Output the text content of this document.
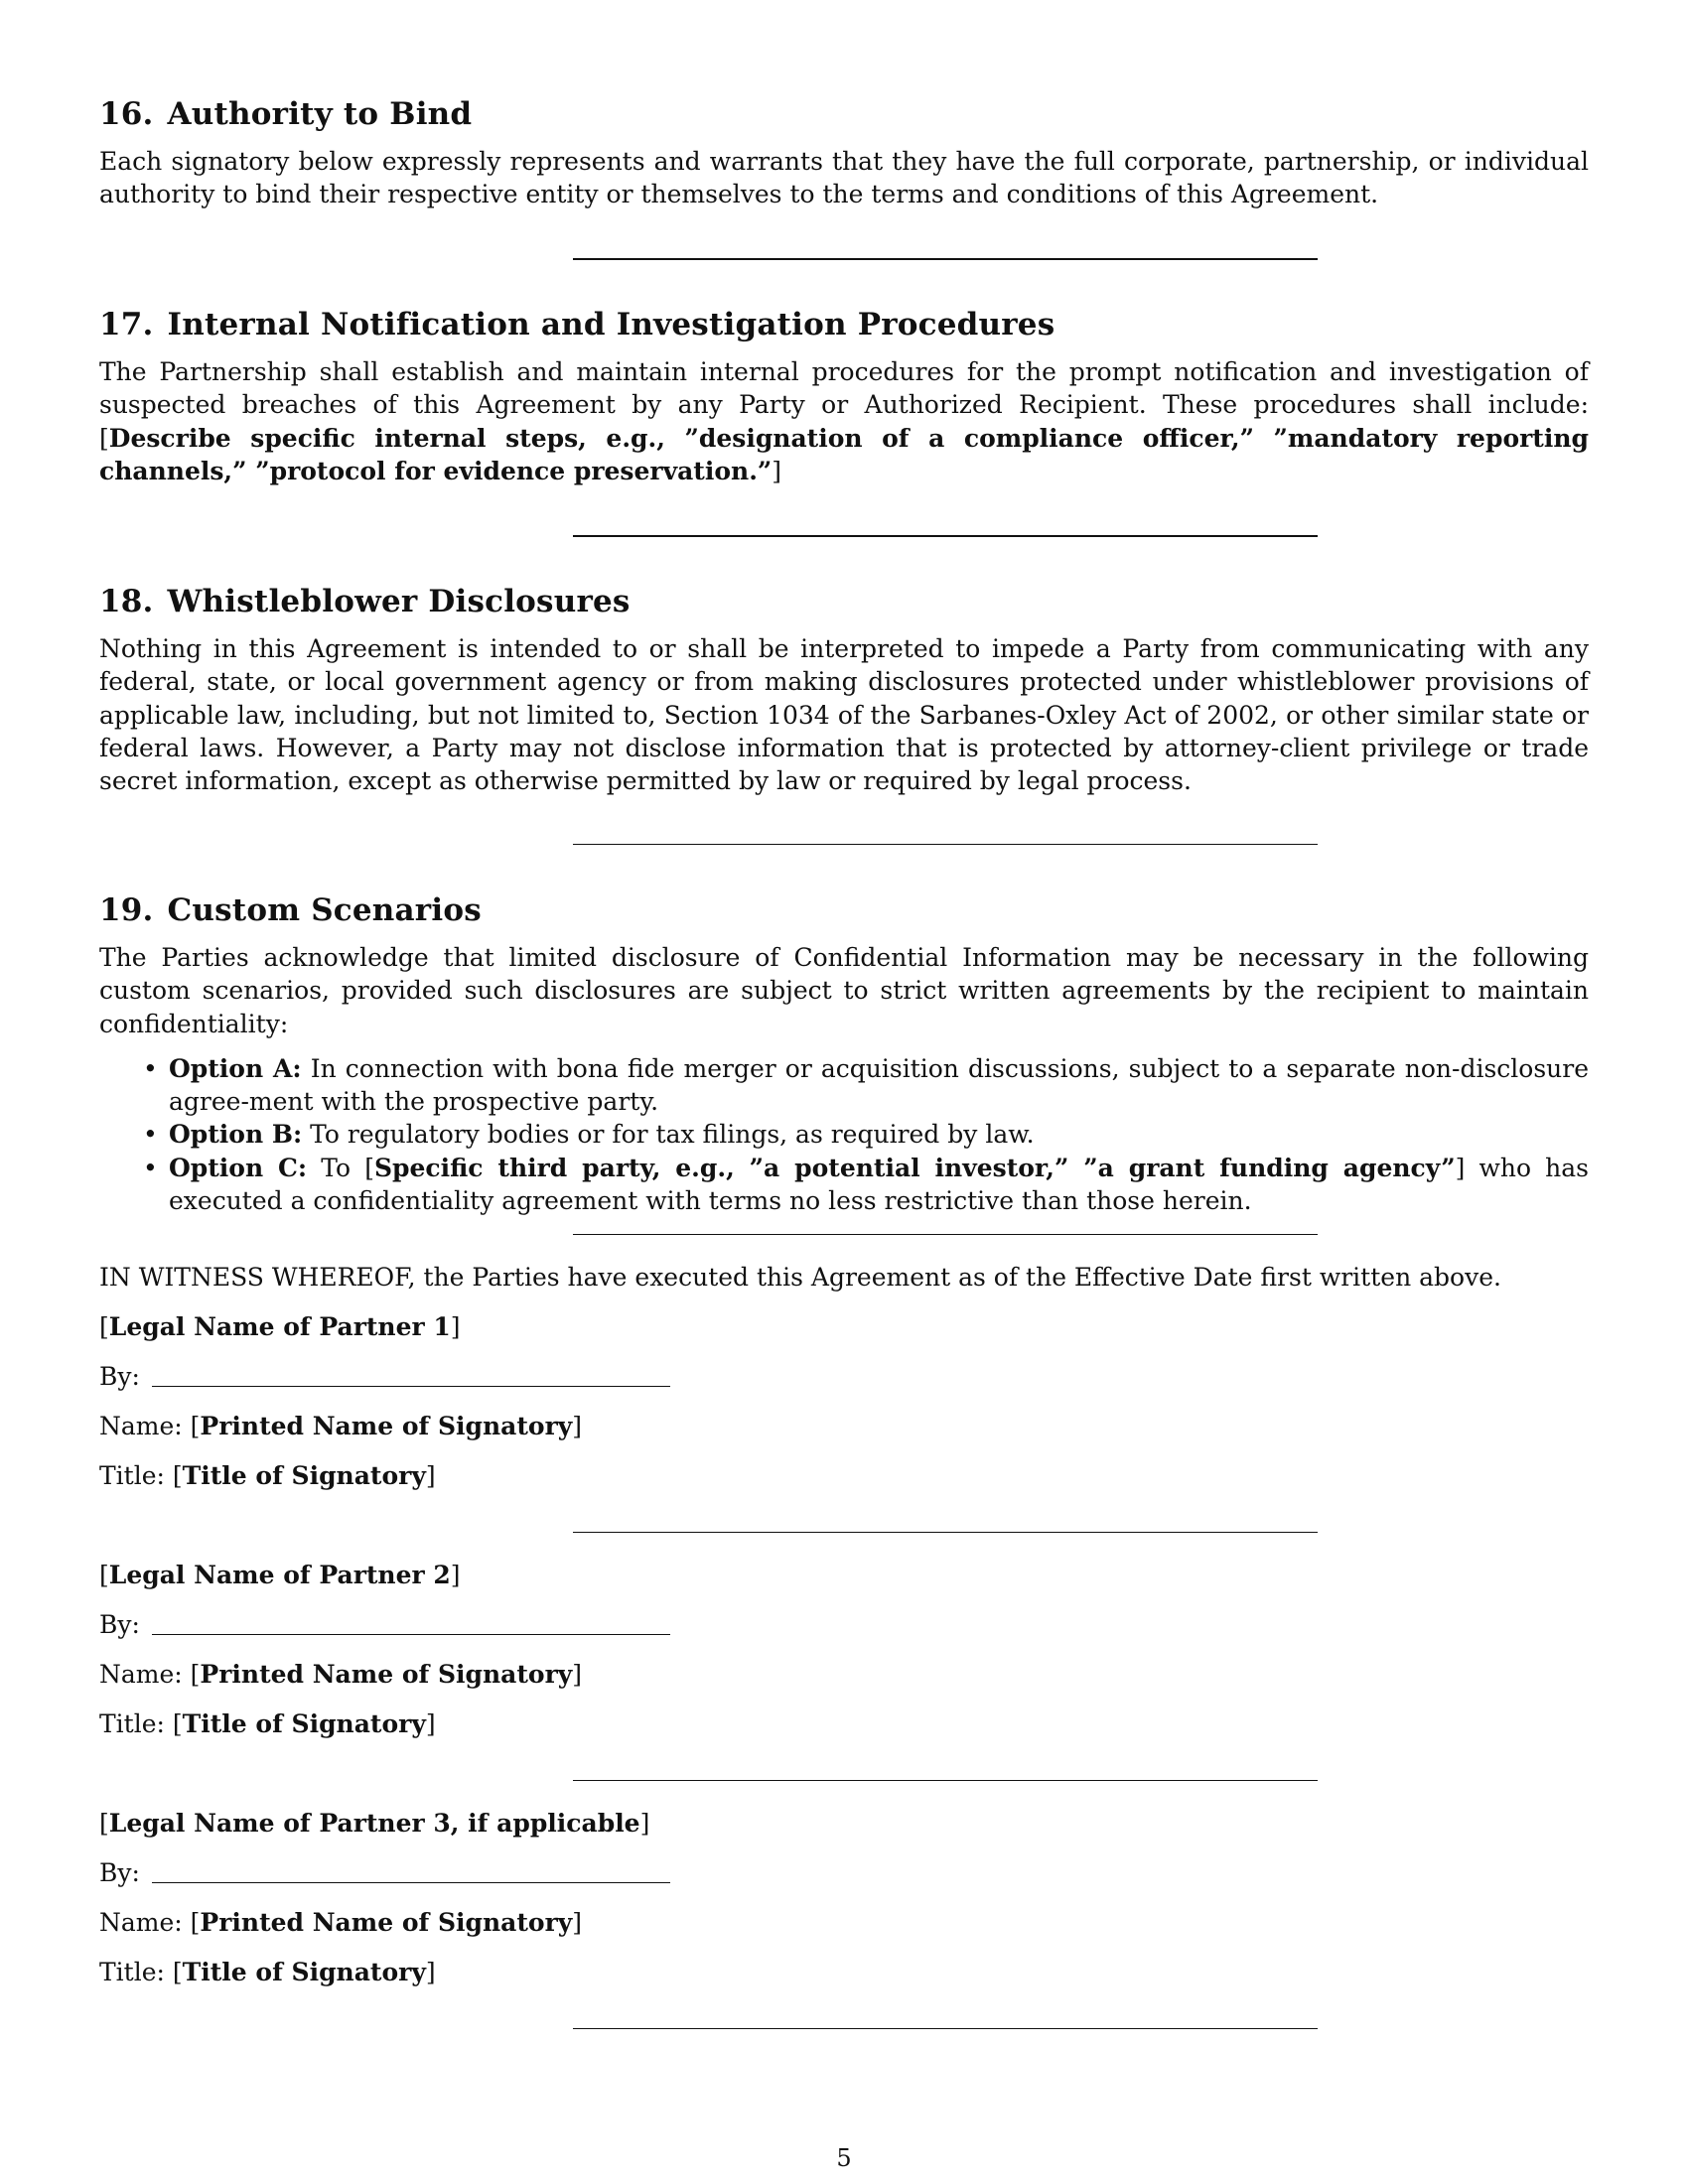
16. Authority to Bind

Each signatory below expressly represents and warrants that they have the full corporate, partnership, or individual authority to bind their respective entity or themselves to the terms and conditions of this Agreement.

17. Internal Notification and Investigation Procedures

The Partnership shall establish and maintain internal procedures for the prompt notification and investigation of suspected breaches of this Agreement by any Party or Authorized Recipient. These procedures shall include: [Describe specific internal steps, e.g., ”designation of a compliance officer,” ”mandatory reporting channels,” ”protocol for evidence preservation.”]

18. Whistleblower Disclosures

Nothing in this Agreement is intended to or shall be interpreted to impede a Party from communicating with any federal, state, or local government agency or from making disclosures protected under whistleblower provisions of applicable law, including, but not limited to, Section 1034 of the Sarbanes-Oxley Act of 2002, or other similar state or federal laws. However, a Party may not disclose information that is protected by attorney-client privilege or trade secret information, except as otherwise permitted by law or required by legal process.

19. Custom Scenarios

The Parties acknowledge that limited disclosure of Confidential Information may be necessary in the following custom scenarios, provided such disclosures are subject to strict written agreements by the recipient to maintain confidentiality:

• Option A: In connection with bona fide merger or acquisition discussions, subject to a separate non-disclosure agree-ment with the prospective party.
• Option B: To regulatory bodies or for tax filings, as required by law.
• Option C: To [Specific third party, e.g., ”a potential investor,” ”a grant funding agency”] who has executed a confidentiality agreement with terms no less restrictive than those herein.

IN WITNESS WHEREOF, the Parties have executed this Agreement as of the Effective Date first written above.

[Legal Name of Partner 1]

By:

Name: [Printed Name of Signatory]

Title: [Title of Signatory]

[Legal Name of Partner 2]

By:

Name: [Printed Name of Signatory]

Title: [Title of Signatory]

[Legal Name of Partner 3, if applicable]

By:

Name: [Printed Name of Signatory]

Title: [Title of Signatory]

5
